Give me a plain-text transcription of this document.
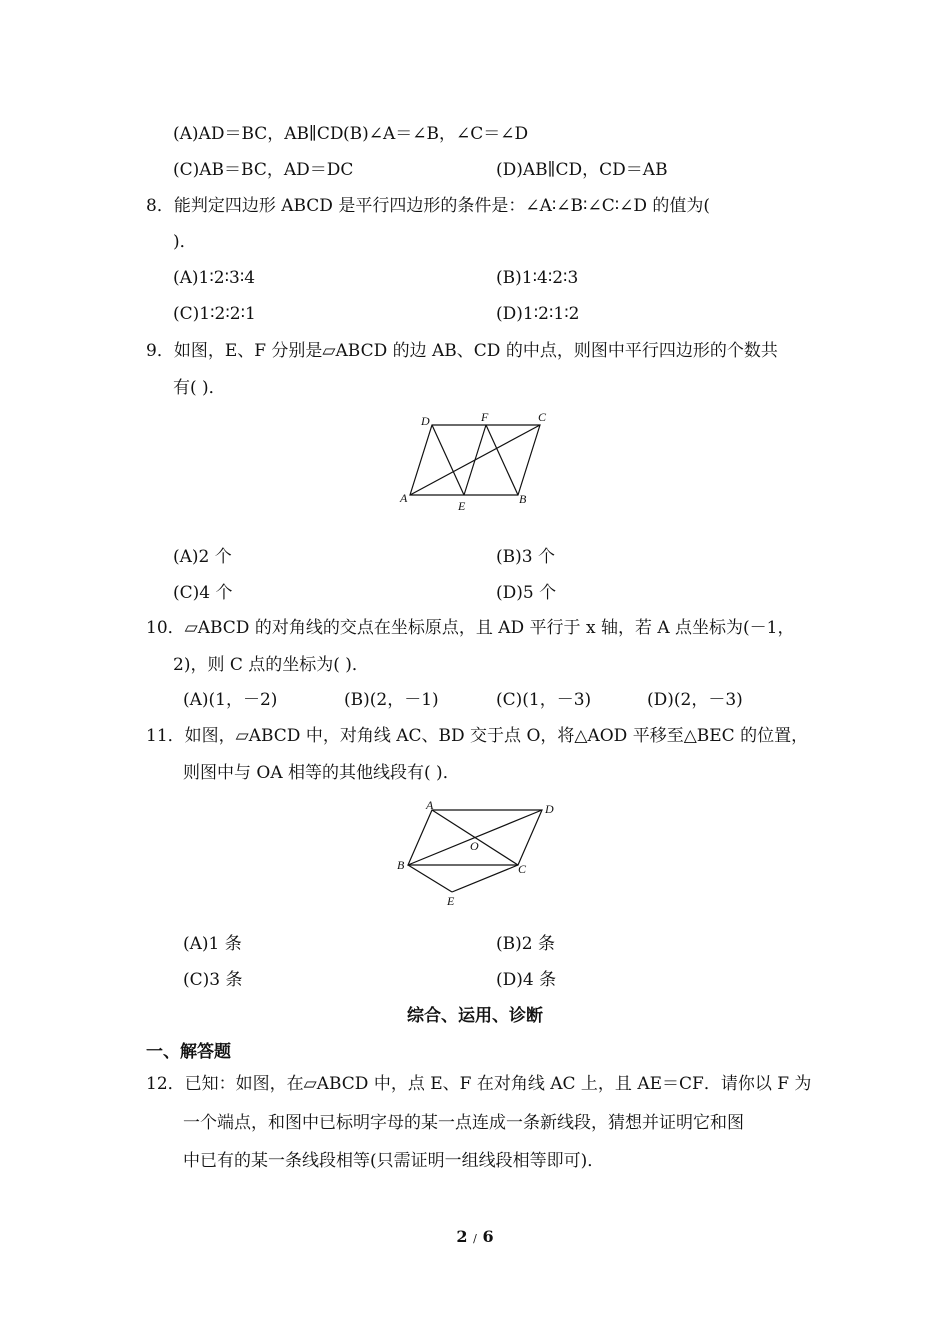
(A)AD＝BC，AB∥CD (B)∠A＝∠B，∠C＝∠D
(C)AB＝BC，AD＝DC	(D)AB∥CD，CD＝AB
8．能判定四边形 ABCD 是平行四边形的条件是：∠A∶∠B∶∠C∶∠D 的值为(
)．
(A)1∶2∶3∶4	(B)1∶4∶2∶3
(C)1∶2∶2∶1	(D)1∶2∶1∶2
9．如图，E、F 分别是▱ABCD 的边 AB、CD 的中点，则图中平行四边形的个数共
有( )．
D	F	C
A
E	B
(A)2 个	(B)3 个
(C)4 个	(D)5 个
10．▱ABCD 的对角线的交点在坐标原点，且 AD 平行于 x 轴，若 A 点坐标为(－1，
2)，则 C 点的坐标为( )．
(A)(1，－2)	(B)(2，－1)	(C)(1，－3)	(D)(2，－3)
11．如图，▱ABCD 中，对角线 AC、BD 交于点 O，将△AOD 平移至△BEC 的位置，
则图中与 OA 相等的其他线段有( )．
A	D
O
B	C
E
(A)1 条	(B)2 条
(C)3 条	(D)4 条
综合、运用、诊断
一、解答题
12．已知：如图，在▱ABCD 中，点 E、F 在对角线 AC 上，且 AE＝CF．请你以 F 为
一个端点，和图中已标明字母的某一点连成一条新线段，猜想并证明它和图
中已有的某一条线段相等(只需证明一组线段相等即可)．
2 / 6
